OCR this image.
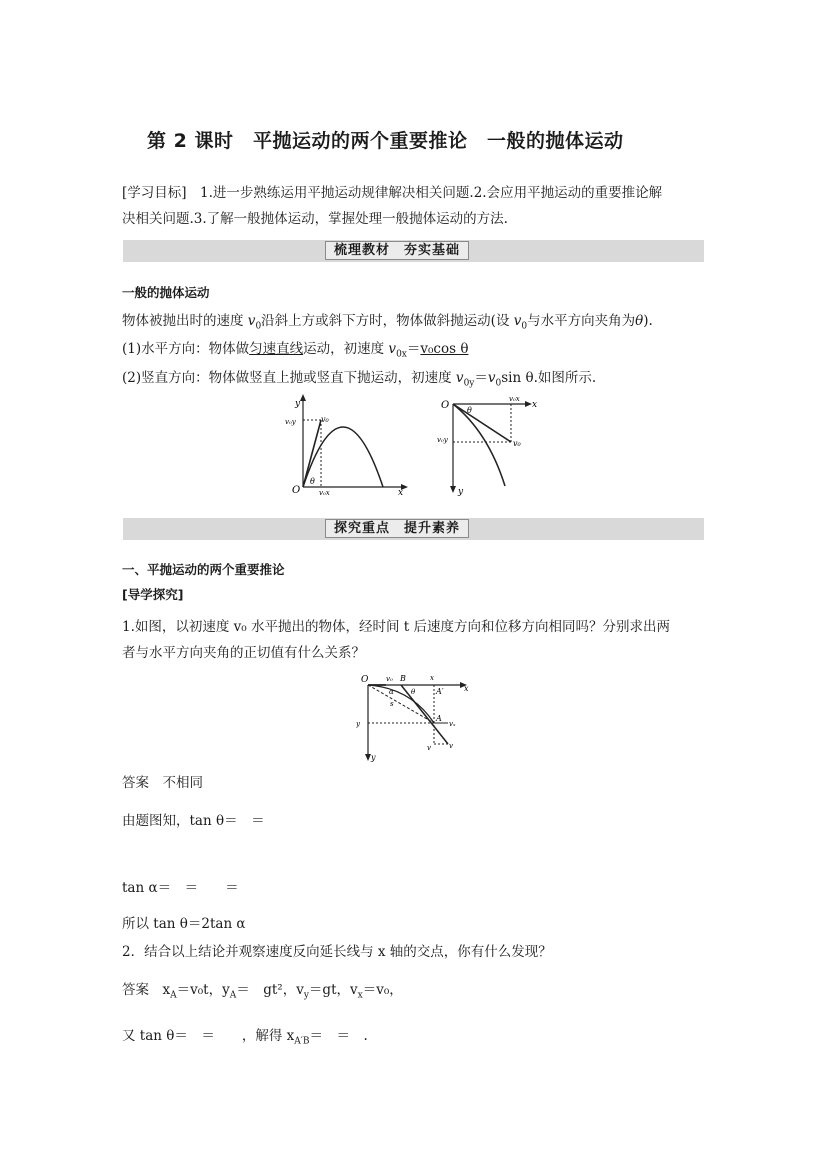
第 2 课时　平抛运动的两个重要推论　一般的抛体运动
[学习目标]　1.进一步熟练运用平抛运动规律解决相关问题.2.会应用平抛运动的重要推论解
决相关问题.3.了解一般抛体运动，掌握处理一般抛体运动的方法.
梳理教材　夯实基础
一般的抛体运动
物体被抛出时的速度 $v_0$沿斜上方或斜下方时，物体做斜抛运动(设 $v_0$与水平方向夹角为θ).
(1)水平方向：物体做匀速直线运动，初速度 $v_{0x}=v_0\cos$ θ
(2)竖直方向：物体做竖直上抛或竖直下抛运动，初速度 $v_{0y}=v_0\sin$ θ.如图所示.
y
x
O
θ
v₀
v₀y
v₀x
O	x
y
θ
v₀
v₀y
v₀x
探究重点　提升素养
一、平抛运动的两个重要推论
[导学探究]
1.如图，以初速度 v₀ 水平抛出的物体，经时间 t 后速度方向和位移方向相同吗？分别求出两
者与水平方向夹角的正切值有什么关系？
O	v₀ B	x
A′	x
α θ
s
y
A
vₓ
v	v
y
答案　不相同
由题图知，tan θ＝　＝
tan α＝　＝　　＝
所以 tan θ＝2tan α
2．结合以上结论并观察速度反向延长线与 x 轴的交点，你有什么发现？
答案　$x_A=v_0t$，$y_A=$　gt²，$v_y=gt$，$v_x=v_0$，
又 tan θ＝　＝　　，解得 $x_{A'B}=$　＝　.
